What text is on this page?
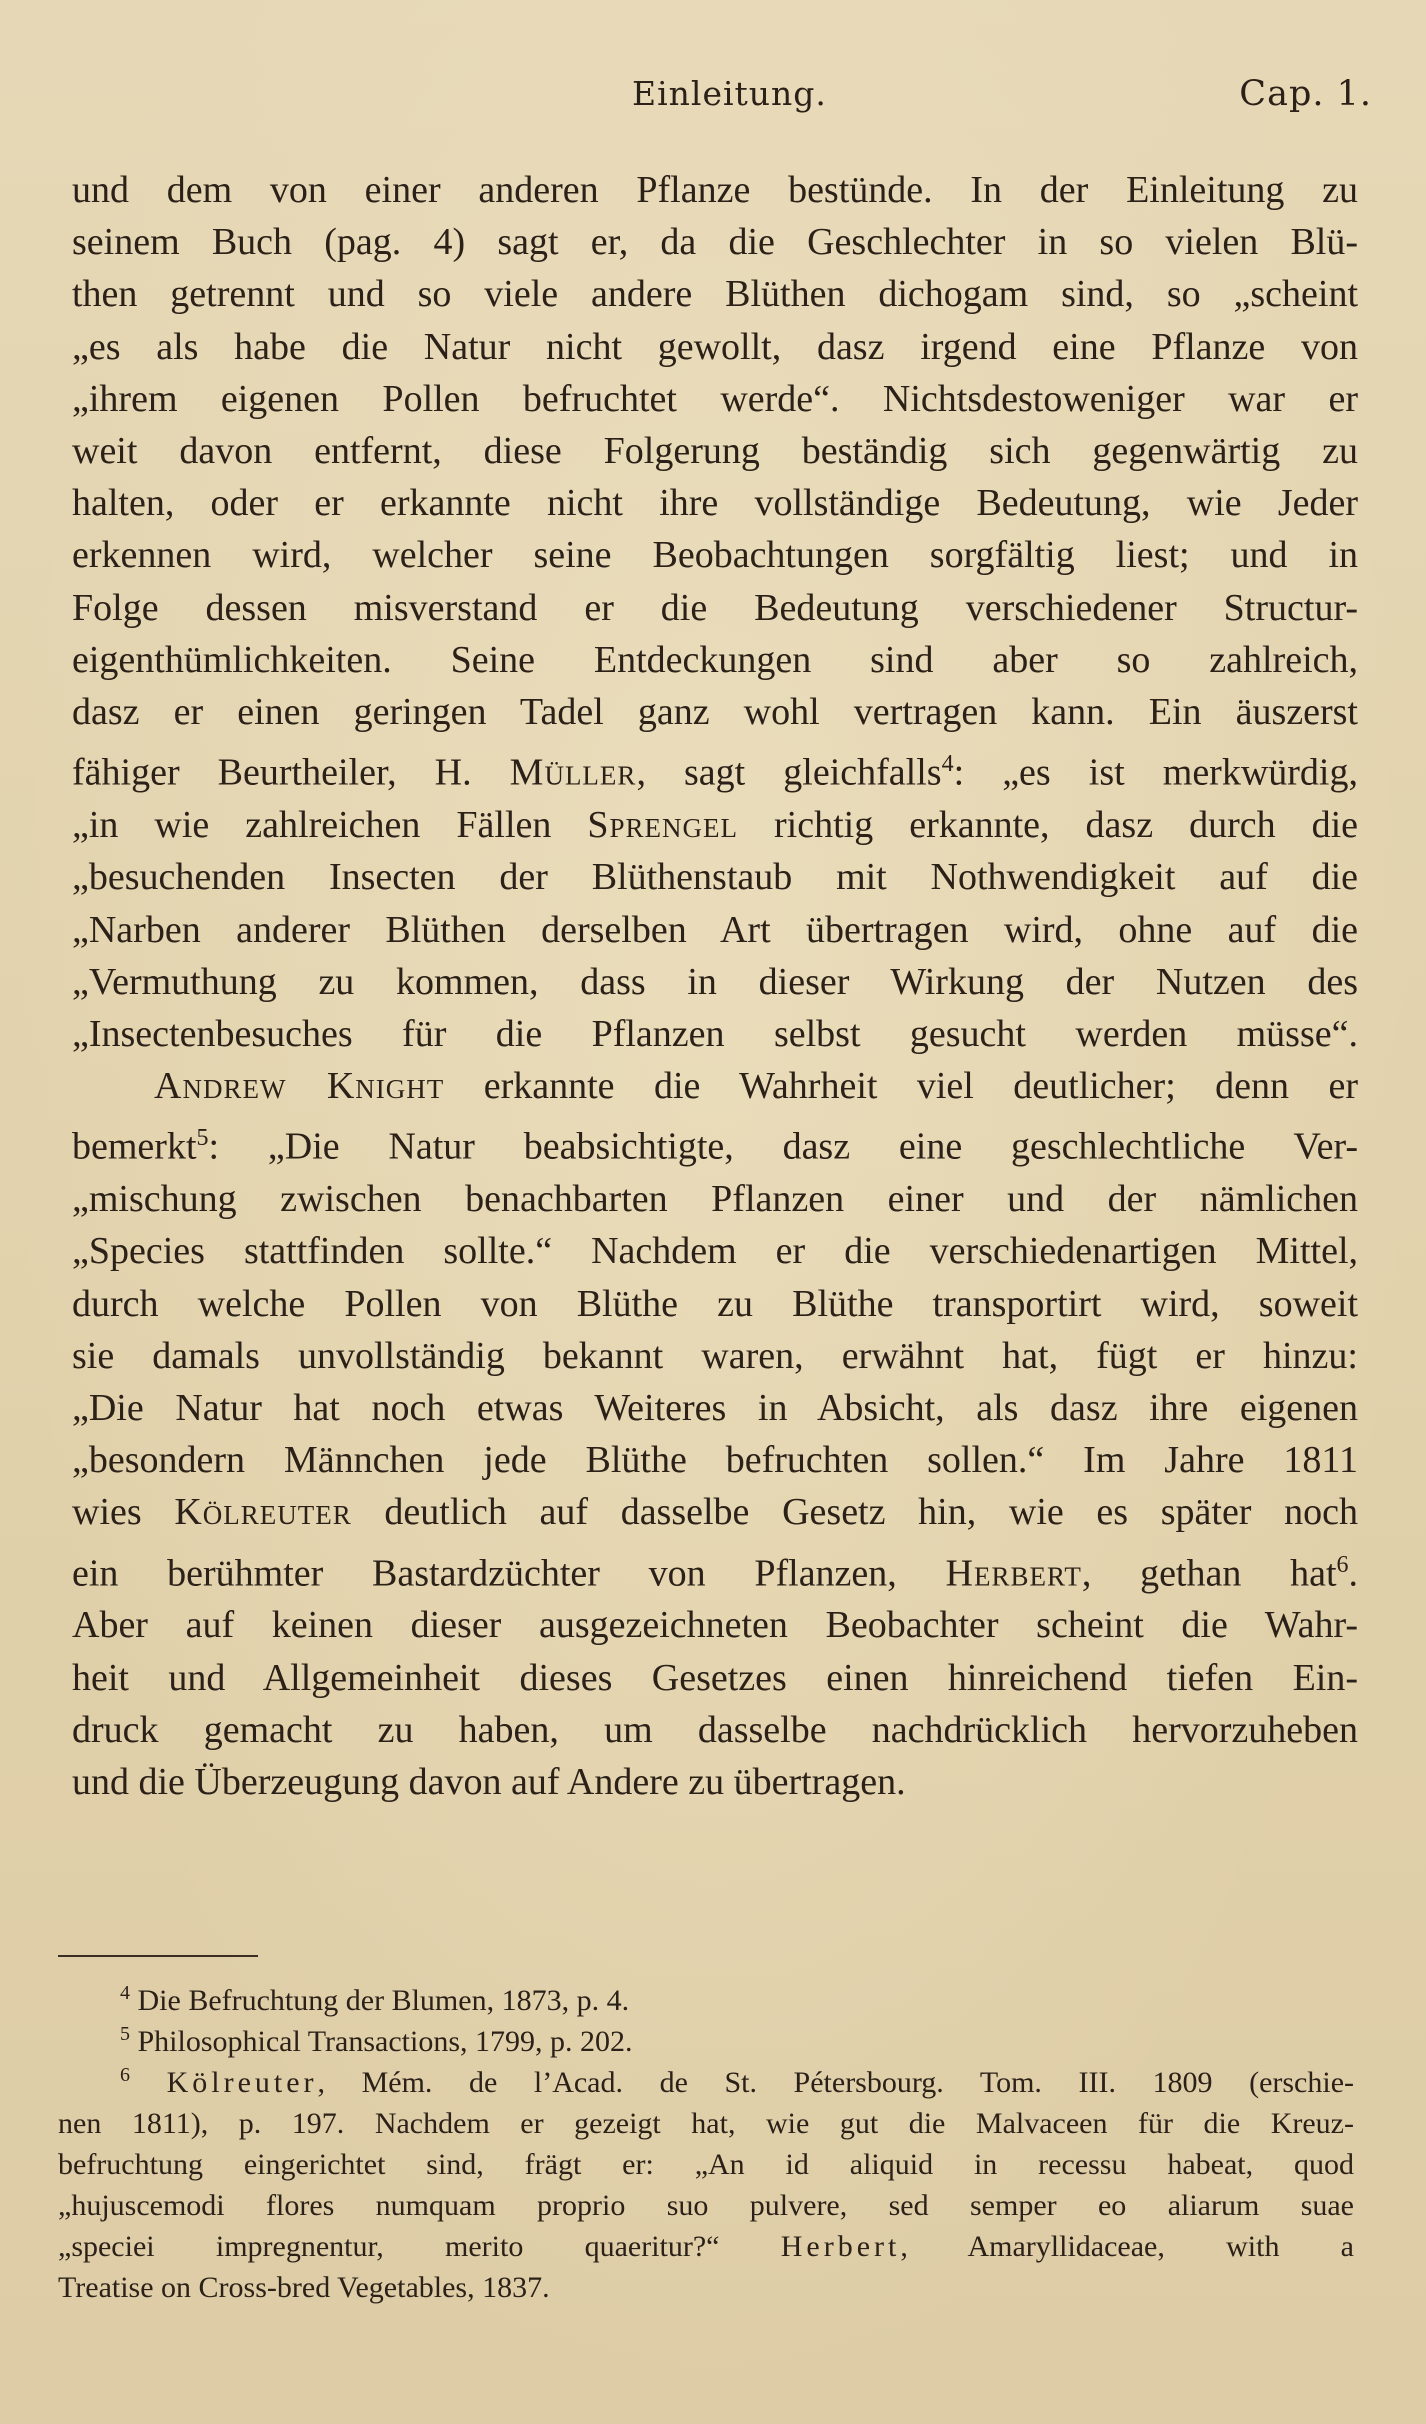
Einleitung.	Cap. 1.
und dem von einer anderen Pflanze bestünde. In der Einleitung zu
seinem Buch (pag. 4) sagt er, da die Geschlechter in so vielen Blü-
then getrennt und so viele andere Blüthen dichogam sind, so „scheint
„es als habe die Natur nicht gewollt, dasz irgend eine Pflanze von
„ihrem eigenen Pollen befruchtet werde“. Nichtsdestoweniger war er
weit davon entfernt, diese Folgerung beständig sich gegenwärtig zu
halten, oder er erkannte nicht ihre vollständige Bedeutung, wie Jeder
erkennen wird, welcher seine Beobachtungen sorgfältig liest; und in
Folge dessen misverstand er die Bedeutung verschiedener Structur-
eigenthümlichkeiten. Seine Entdeckungen sind aber so zahlreich,
dasz er einen geringen Tadel ganz wohl vertragen kann. Ein äuszerst
fähiger Beurtheiler, H. Müller, sagt gleichfalls$^4$: „es ist merkwürdig,
„in wie zahlreichen Fällen Sprengel richtig erkannte, dasz durch die
„besuchenden Insecten der Blüthenstaub mit Nothwendigkeit auf die
„Narben anderer Blüthen derselben Art übertragen wird, ohne auf die
„Vermuthung zu kommen, dass in dieser Wirkung der Nutzen des
„Insectenbesuches für die Pflanzen selbst gesucht werden müsse“.
Andrew Knight erkannte die Wahrheit viel deutlicher; denn er
bemerkt$^5$: „Die Natur beabsichtigte, dasz eine geschlechtliche Ver-
„mischung zwischen benachbarten Pflanzen einer und der nämlichen
„Species stattfinden sollte.“ Nachdem er die verschiedenartigen Mittel,
durch welche Pollen von Blüthe zu Blüthe transportirt wird, soweit
sie damals unvollständig bekannt waren, erwähnt hat, fügt er hinzu:
„Die Natur hat noch etwas Weiteres in Absicht, als dasz ihre eigenen
„besondern Männchen jede Blüthe befruchten sollen.“ Im Jahre 1811
wies Kölreuter deutlich auf dasselbe Gesetz hin, wie es später noch
ein berühmter Bastardzüchter von Pflanzen, Herbert, gethan hat$^6$.
Aber auf keinen dieser ausgezeichneten Beobachter scheint die Wahr-
heit und Allgemeinheit dieses Gesetzes einen hinreichend tiefen Ein-
druck gemacht zu haben, um dasselbe nachdrücklich hervorzuheben
und die Überzeugung davon auf Andere zu übertragen.
$^4$ Die Befruchtung der Blumen, 1873, p. 4.
$^5$ Philosophical Transactions, 1799, p. 202.
$^6$ Kölreuter, Mém. de l’Acad. de St. Pétersbourg. Tom. III. 1809 (erschie-
nen 1811), p. 197. Nachdem er gezeigt hat, wie gut die Malvaceen für die Kreuz-
befruchtung eingerichtet sind, frägt er: „An id aliquid in recessu habeat, quod
„hujuscemodi flores numquam proprio suo pulvere, sed semper eo aliarum suae
„speciei impregnentur, merito quaeritur?“ Herbert, Amaryllidaceae, with a
Treatise on Cross-bred Vegetables, 1837.
